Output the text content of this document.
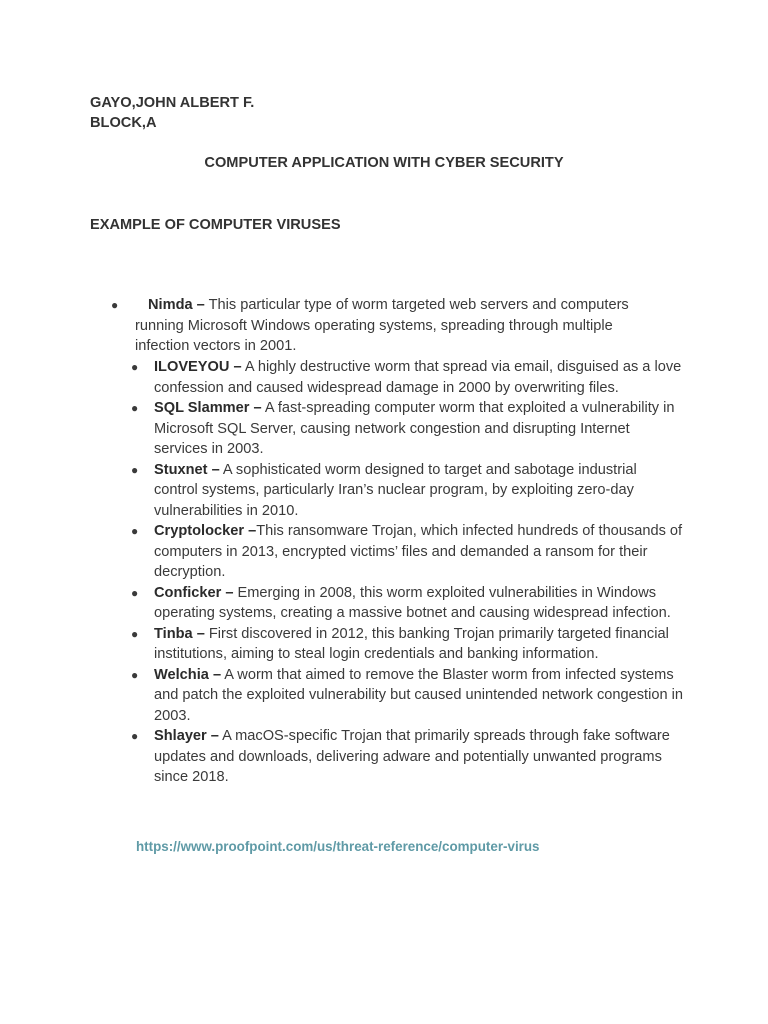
GAYO,JOHN ALBERT F.
BLOCK,A
COMPUTER APPLICATION WITH CYBER SECURITY
EXAMPLE OF COMPUTER VIRUSES
●	Nimda – This particular type of worm targeted web servers and computers
running Microsoft Windows operating systems, spreading through multiple
infection vectors in 2001.
● ILOVEYOU – A highly destructive worm that spread via email, disguised as a love confession and caused widespread damage in 2000 by overwriting files.
● SQL Slammer – A fast-spreading computer worm that exploited a vulnerability in Microsoft SQL Server, causing network congestion and disrupting Internet services in 2003.
● Stuxnet – A sophisticated worm designed to target and sabotage industrial control systems, particularly Iran’s nuclear program, by exploiting zero-day vulnerabilities in 2010.
● Cryptolocker –This ransomware Trojan, which infected hundreds of thousands of computers in 2013, encrypted victims’ files and demanded a ransom for their decryption.
● Conficker – Emerging in 2008, this worm exploited vulnerabilities in Windows operating systems, creating a massive botnet and causing widespread infection.
● Tinba – First discovered in 2012, this banking Trojan primarily targeted financial institutions, aiming to steal login credentials and banking information.
● Welchia – A worm that aimed to remove the Blaster worm from infected systems and patch the exploited vulnerability but caused unintended network congestion in 2003.
● Shlayer – A macOS-specific Trojan that primarily spreads through fake software updates and downloads, delivering adware and potentially unwanted programs since 2018.
https://www.proofpoint.com/us/threat-reference/computer-virus
